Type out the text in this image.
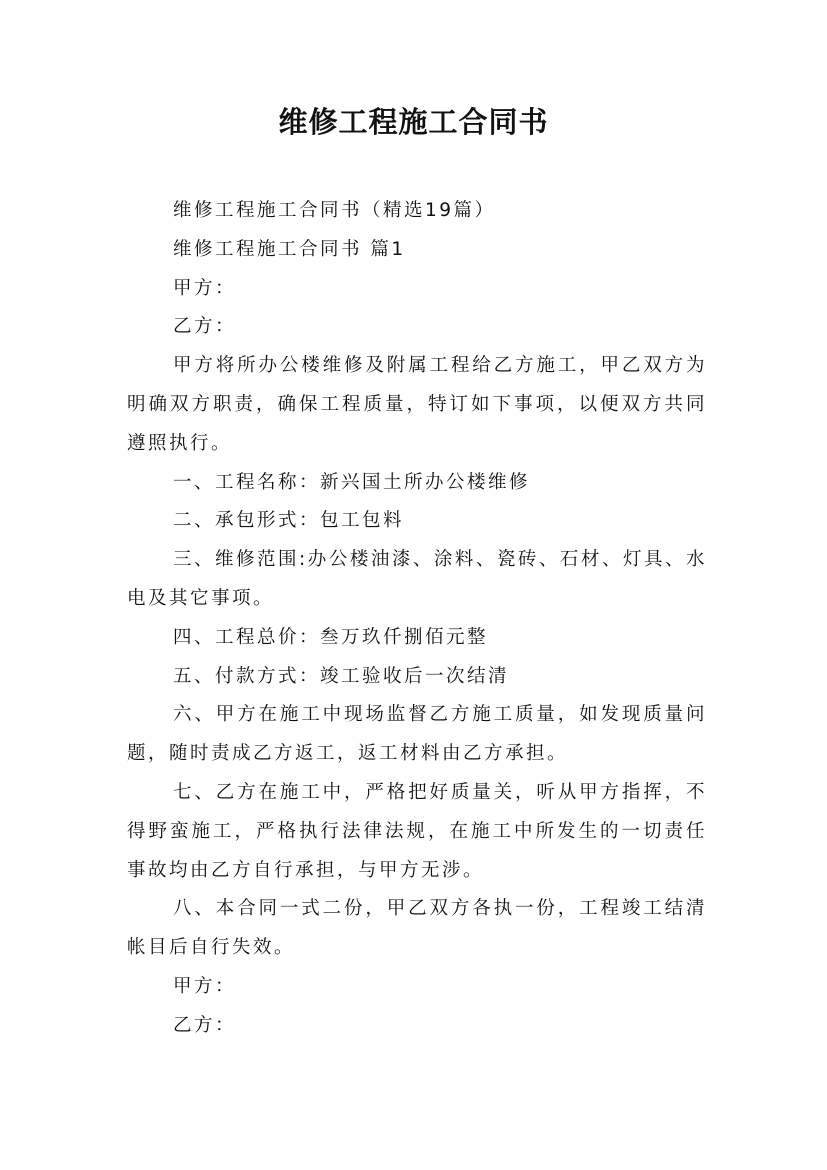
维修工程施工合同书

维修工程施工合同书（精选19篇）

维修工程施工合同书 篇1

甲方：

乙方：

甲方将所办公楼维修及附属工程给乙方施工，甲乙双方为明确双方职责，确保工程质量，特订如下事项，以便双方共同遵照执行。

一、工程名称：新兴国土所办公楼维修

二、承包形式：包工包料

三、维修范围:办公楼油漆、涂料、瓷砖、石材、灯具、水电及其它事项。

四、工程总价：叁万玖仟捌佰元整

五、付款方式：竣工验收后一次结清

六、甲方在施工中现场监督乙方施工质量，如发现质量问题，随时责成乙方返工，返工材料由乙方承担。

七、乙方在施工中，严格把好质量关，听从甲方指挥，不得野蛮施工，严格执行法律法规，在施工中所发生的一切责任事故均由乙方自行承担，与甲方无涉。

八、本合同一式二份，甲乙双方各执一份，工程竣工结清帐目后自行失效。

甲方：

乙方：
